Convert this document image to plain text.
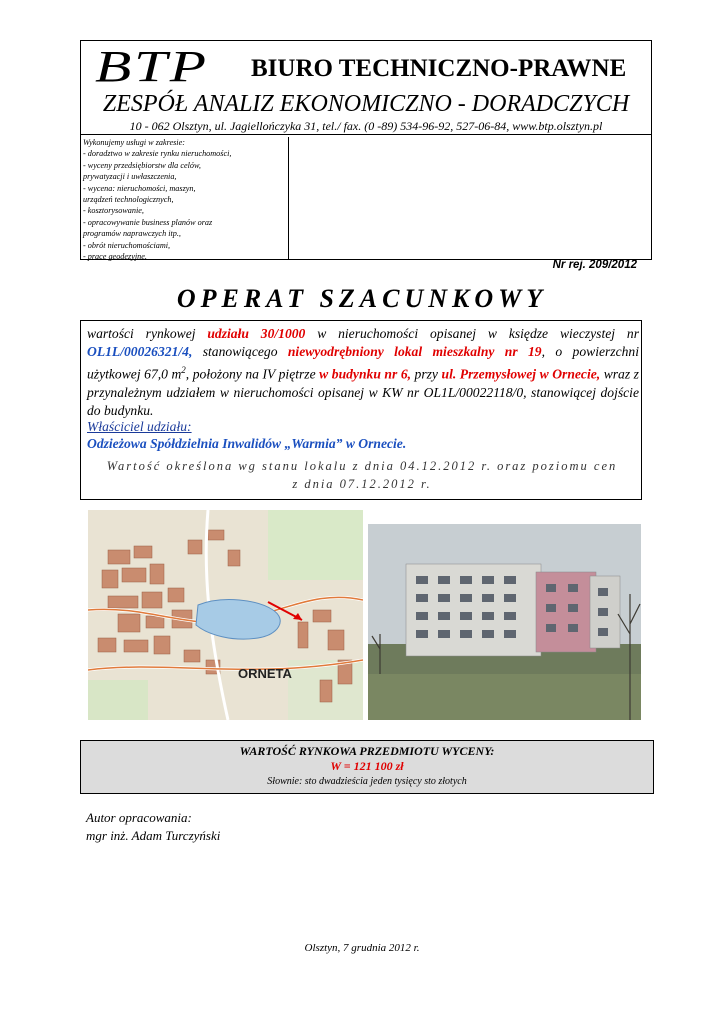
BTP BIURO TECHNICZNO-PRAWNE
ZESPÓŁ ANALIZ EKONOMICZNO - DORADCZYCH
10 - 062 Olsztyn, ul. Jagiellończyka 31, tel./ fax. (0 -89) 534-96-92, 527-06-84, www.btp.olsztyn.pl
Wykonujemy usługi w zakresie:
- doradztwo w zakresie rynku nieruchomości,
- wyceny przedsiębiorstw dla celów,
prywatyzacji i uwłaszczenia,
- wycena: nieruchomości, maszyn,
urządzeń technologicznych,
- kosztorysowanie,
- opracowywanie business planów oraz
programów naprawczych itp.,
- obrót nieruchomościami,
- prace geodezyjne.
Nr rej. 209/2012
OPERAT SZACUNKOWY
wartości rynkowej udziału 30/1000 w nieruchomości opisanej w księdze wieczystej nr OL1L/00026321/4, stanowiącego niewyodrębniony lokal mieszkalny nr 19, o powierzchni użytkowej 67,0 $m^2$, położony na IV piętrze w budynku nr 6, przy ul. Przemysłowej w Ornecie, wraz z przynależnym udziałem w nieruchomości opisanej w KW nr OL1L/00022118/0, stanowiącej dojście do budynku.
Właściciel udziału:
Odzieżowa Spółdzielnia Inwalidów „Warmia” w Ornecie.
Wartość określona wg stanu lokalu z dnia 04.12.2012 r. oraz poziomu cen
z dnia 07.12.2012 r.
ORNETA
WARTOŚĆ RYNKOWA PRZEDMIOTU WYCENY:
W = 121 100 zł
Słownie: sto dwadzieścia jeden tysięcy sto złotych
Autor opracowania:
mgr inż. Adam Turczyński
Olsztyn, 7 grudnia 2012 r.
